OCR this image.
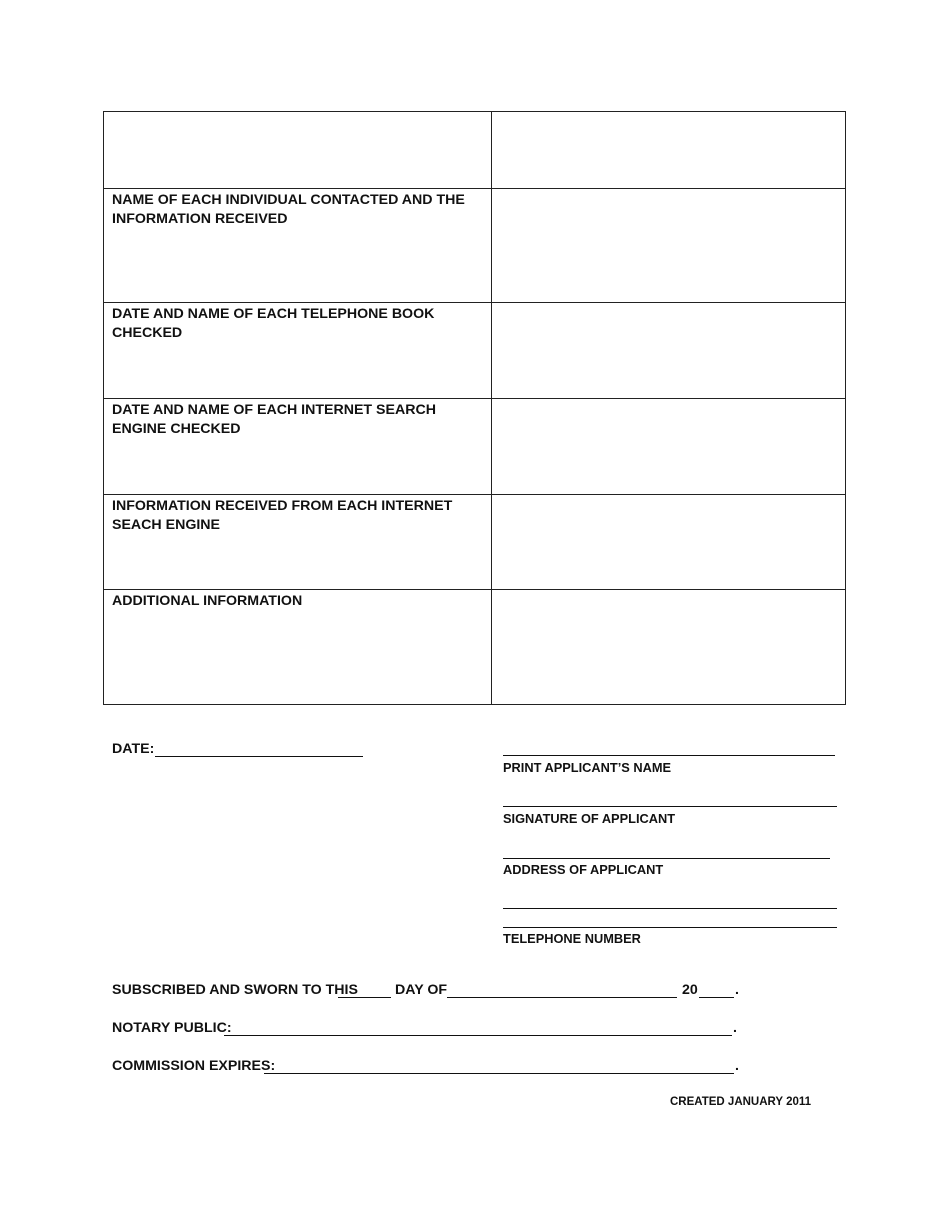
NAME OF EACH INDIVIDUAL CONTACTED AND THE INFORMATION RECEIVED	
DATE AND NAME OF EACH TELEPHONE BOOK CHECKED	
DATE AND NAME OF EACH INTERNET SEARCH ENGINE CHECKED	
INFORMATION RECEIVED FROM EACH INTERNET SEACH ENGINE	
ADDITIONAL INFORMATION	
DATE:
PRINT APPLICANT’S NAME
SIGNATURE OF APPLICANT
ADDRESS OF APPLICANT
TELEPHONE NUMBER
SUBSCRIBED AND SWORN TO THIS	DAY OF	20	.
NOTARY PUBLIC:	.
COMMISSION EXPIRES:	.
CREATED JANUARY 2011
